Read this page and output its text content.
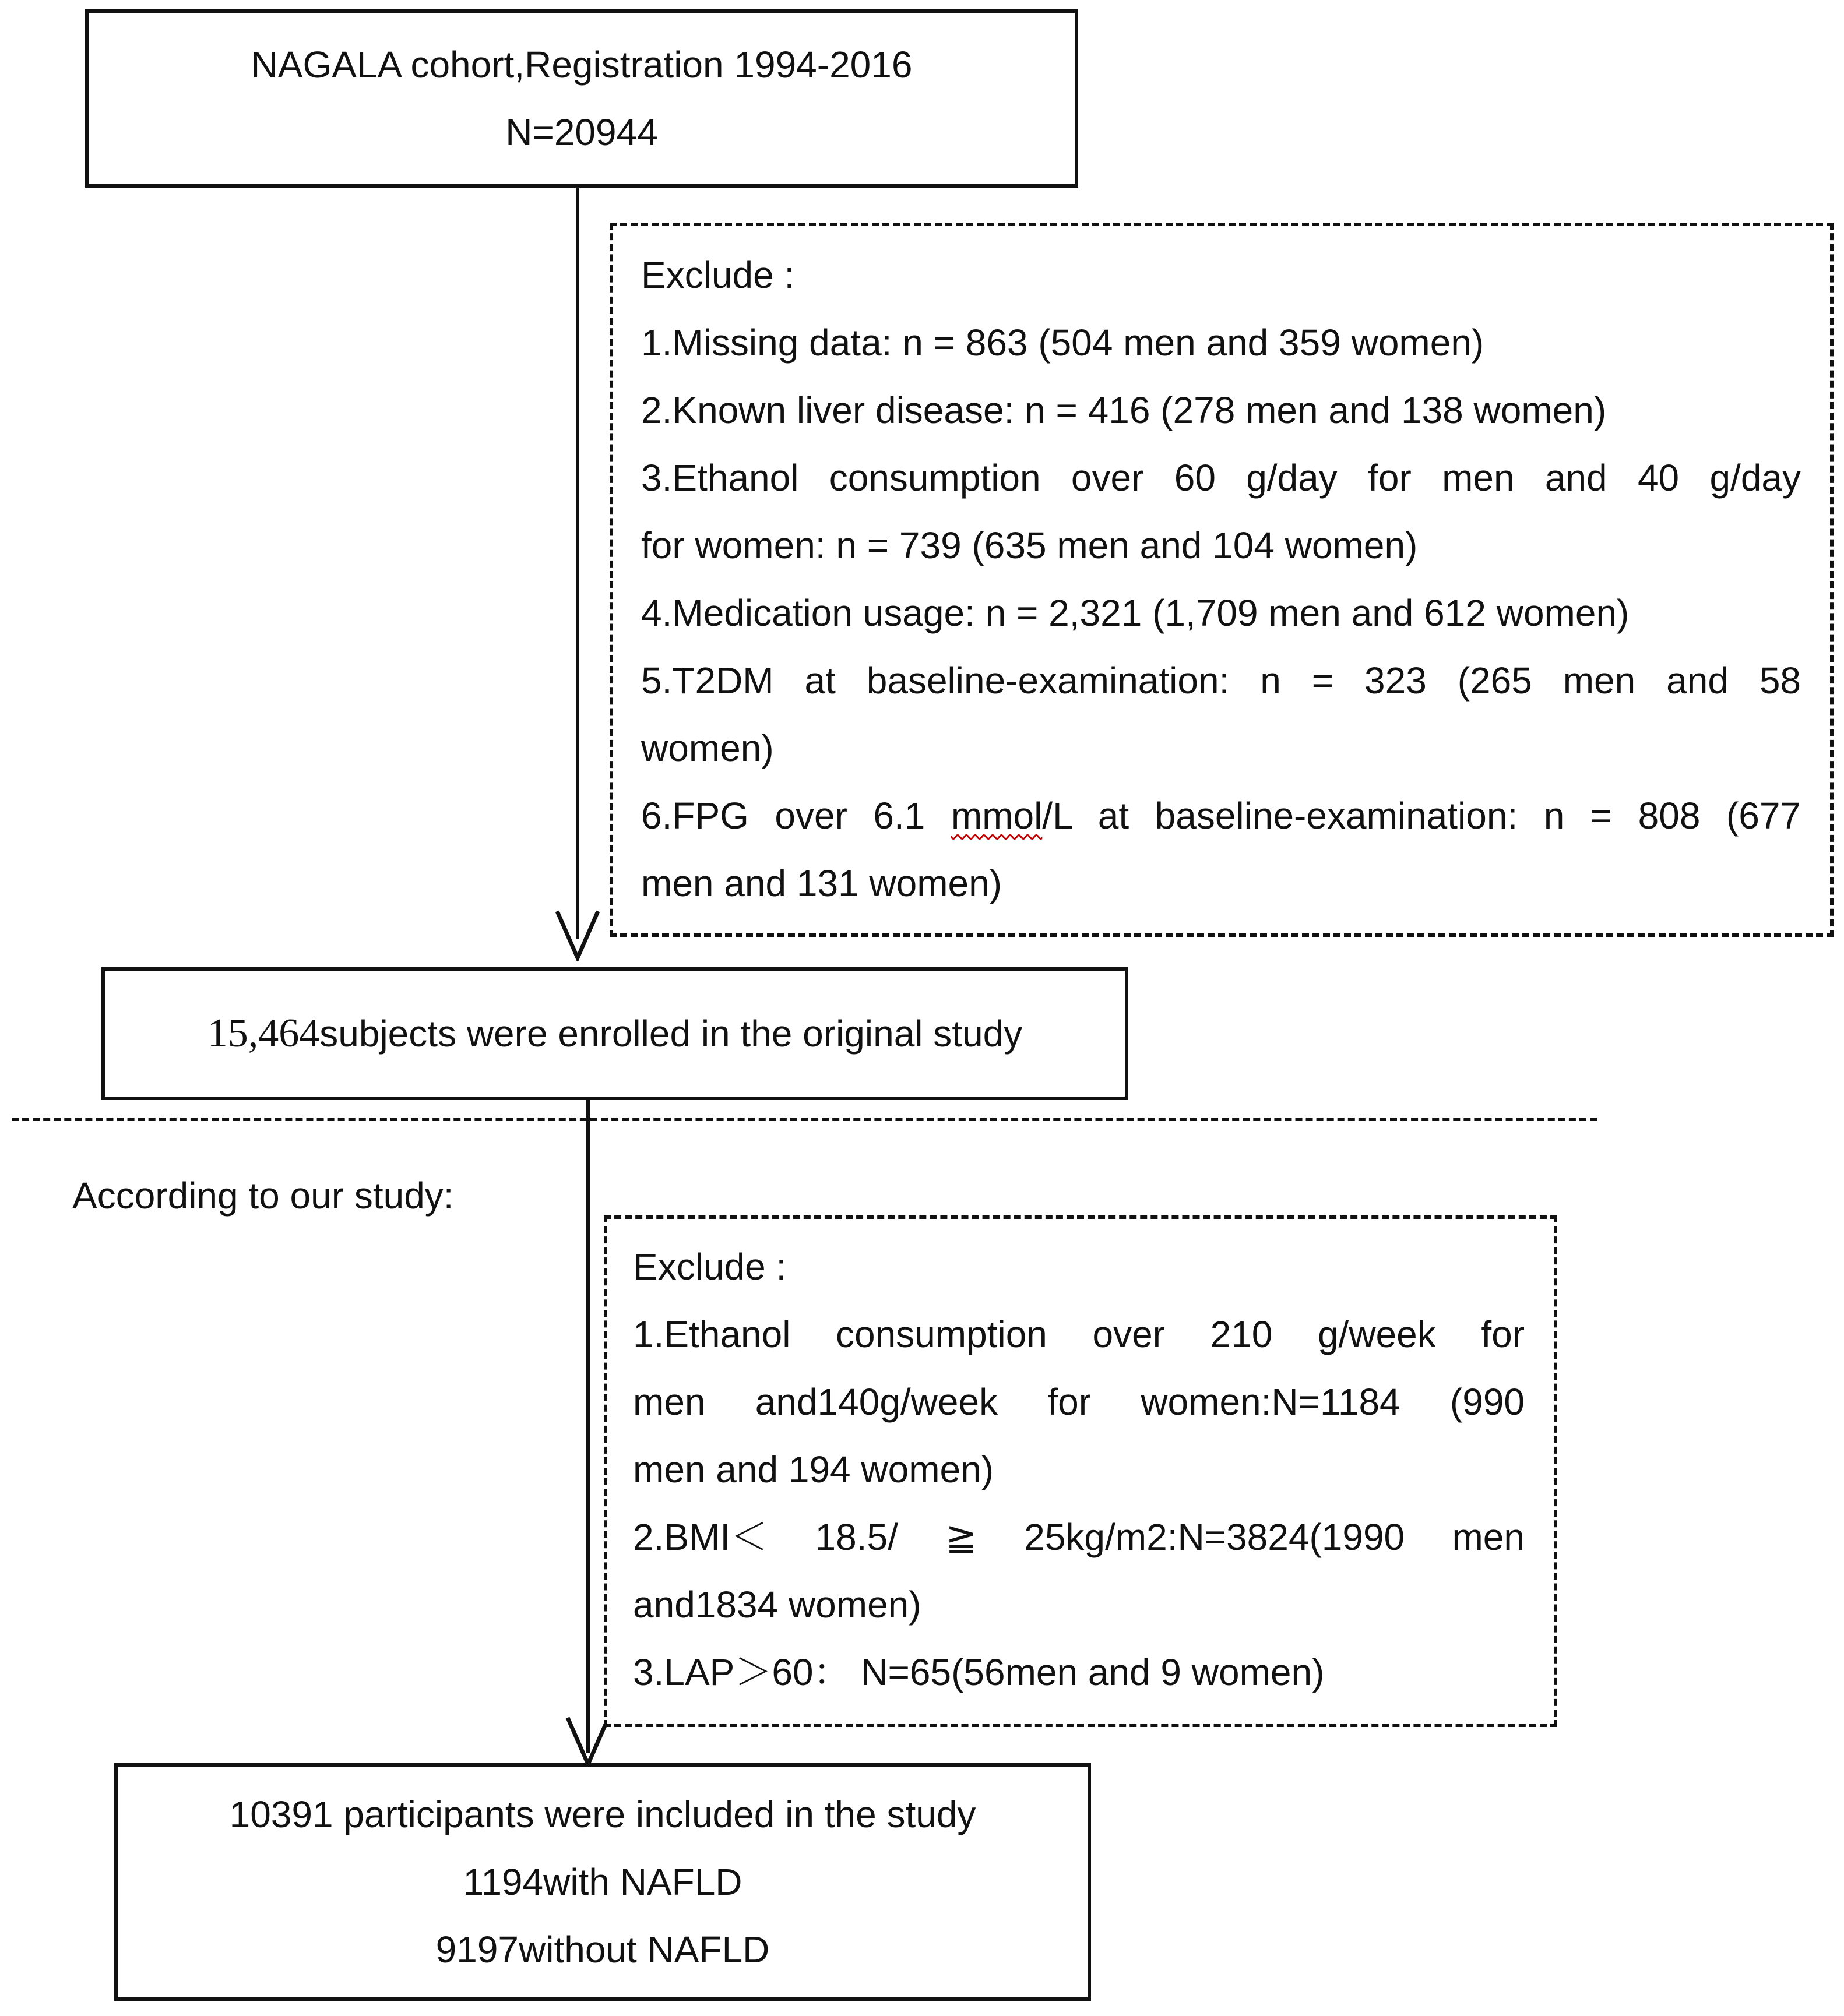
NAGALA cohort,Registration 1994-2016
N=20944
Exclude :
1.Missing data: n = 863 (504 men and 359 women)
2.Known liver disease: n = 416 (278 men and 138 women)
3.Ethanol consumption over 60 g/day for men and 40 g/day
for women: n = 739 (635 men and 104 women)
4.Medication usage: n = 2,321 (1,709 men and 612 women)
5.T2DM at baseline-examination: n = 323 (265 men and 58
women)
6.FPG over 6.1 mmol/L at baseline-examination: n = 808 (677
men and 131 women)
15,464subjects were enrolled in the original study
According to our study:
Exclude :
1.Ethanol consumption over 210 g/week for
men and140g/week for women:N=1184 (990
men and 194 women)
2.BMI＜ 18.5/ ≧ 25kg/m2:N=3824(1990 men
and1834 women)
3.LAP＞60： N=65(56men and 9 women)
10391 participants were included in the study
1194with NAFLD
9197without NAFLD
